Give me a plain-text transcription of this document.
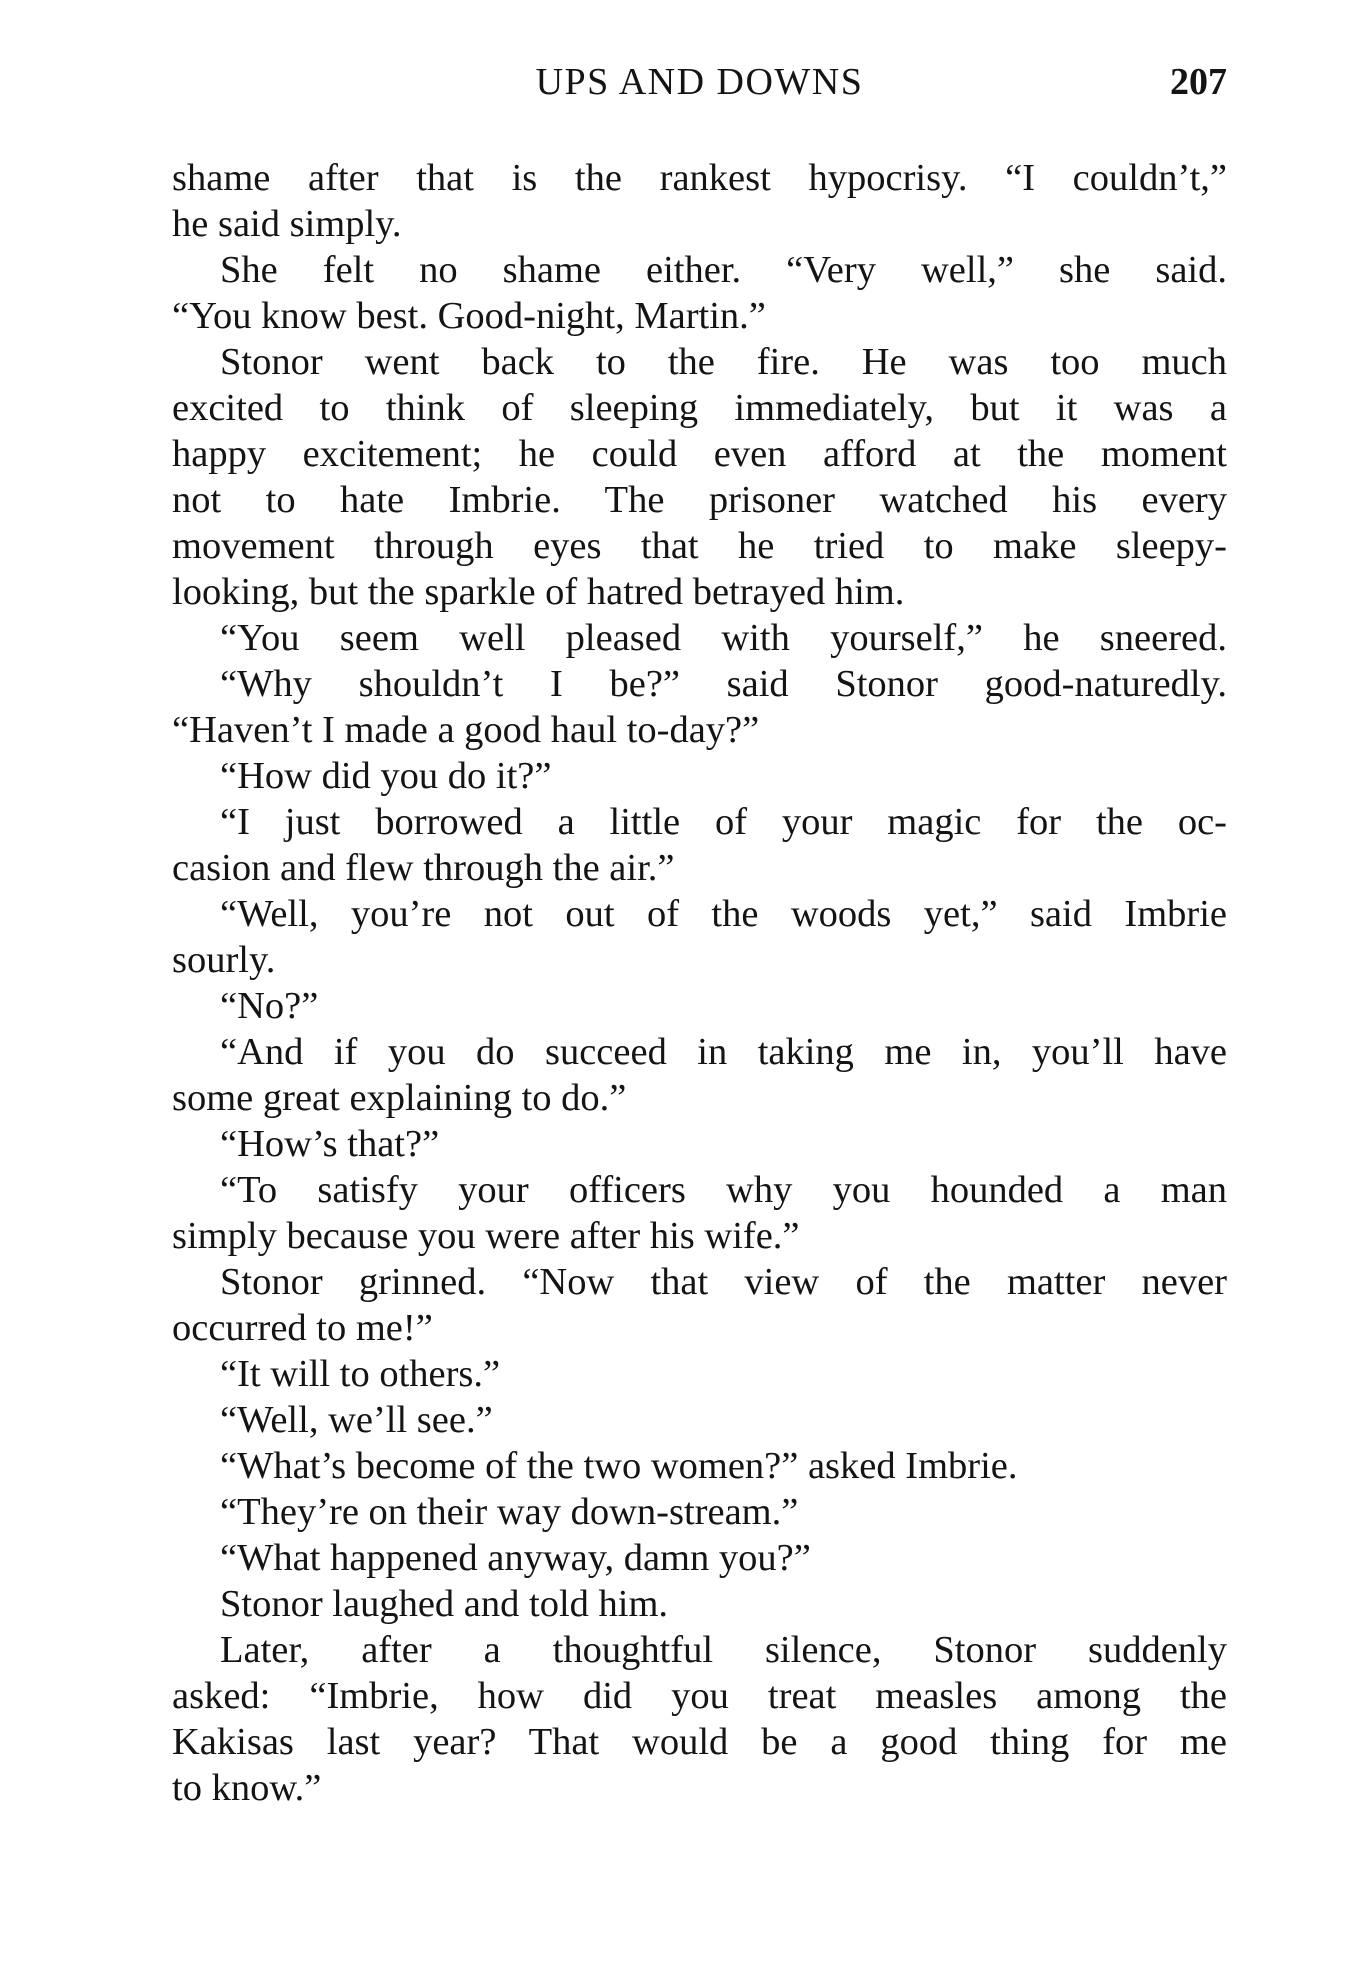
UPS AND DOWNS	207
shame after that is the rankest hypocrisy. “I couldn’t,”
he said simply.
She felt no shame either. “Very well,” she said.
“You know best. Good-night, Martin.”
Stonor went back to the fire. He was too much
excited to think of sleeping immediately, but it was a
happy excitement; he could even afford at the moment
not to hate Imbrie. The prisoner watched his every
movement through eyes that he tried to make sleepy-
looking, but the sparkle of hatred betrayed him.
“You seem well pleased with yourself,” he sneered.
“Why shouldn’t I be?” said Stonor good-naturedly.
“Haven’t I made a good haul to-day?”
“How did you do it?”
“I just borrowed a little of your magic for the oc-
casion and flew through the air.”
“Well, you’re not out of the woods yet,” said Imbrie
sourly.
“No?”
“And if you do succeed in taking me in, you’ll have
some great explaining to do.”
“How’s that?”
“To satisfy your officers why you hounded a man
simply because you were after his wife.”
Stonor grinned. “Now that view of the matter never
occurred to me!”
“It will to others.”
“Well, we’ll see.”
“What’s become of the two women?” asked Imbrie.
“They’re on their way down-stream.”
“What happened anyway, damn you?”
Stonor laughed and told him.
Later, after a thoughtful silence, Stonor suddenly
asked: “Imbrie, how did you treat measles among the
Kakisas last year? That would be a good thing for me
to know.”
